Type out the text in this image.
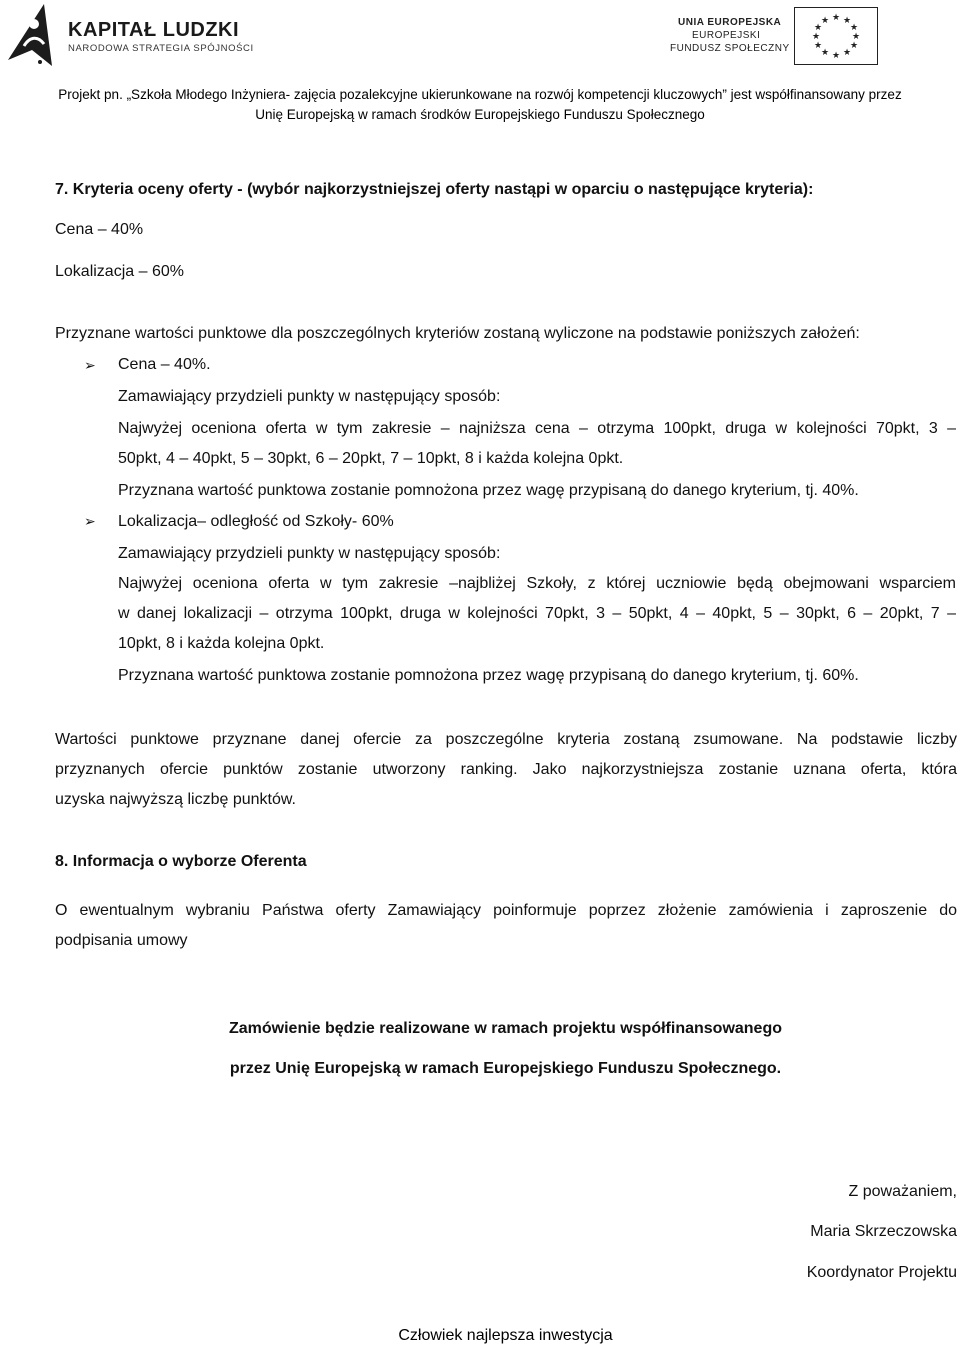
KAPITAŁ LUDZKI
NARODOWA STRATEGIA SPÓJNOŚCI
UNIA EUROPEJSKA
EUROPEJSKI
FUNDUSZ SPOŁECZNY
★ ★
★
★
★
★
★
★
★
★
★
★
Projekt pn. „Szkoła Młodego Inżyniera- zajęcia pozalekcyjne ukierunkowane na rozwój kompetencji kluczowych” jest współfinansowany przez
Unię Europejską w ramach środków Europejskiego Funduszu Społecznego
7. Kryteria oceny oferty - (wybór najkorzystniejszej oferty nastąpi w oparciu o następujące kryteria):
Cena – 40%
Lokalizacja – 60%
Przyznane wartości punktowe dla poszczególnych kryteriów zostaną wyliczone na podstawie poniższych założeń:
➢ Cena – 40%.
Zamawiający przydzieli punkty w następujący sposób:
Najwyżej oceniona oferta w tym zakresie – najniższa cena – otrzyma 100pkt, druga w kolejności 70pkt, 3 –
50pkt, 4 – 40pkt, 5 – 30pkt, 6 – 20pkt, 7 – 10pkt, 8 i każda kolejna 0pkt.
Przyznana wartość punktowa zostanie pomnożona przez wagę przypisaną do danego kryterium, tj. 40%.
➢ Lokalizacja– odległość od Szkoły- 60%
Zamawiający przydzieli punkty w następujący sposób:
Najwyżej oceniona oferta w tym zakresie –najbliżej Szkoły, z której uczniowie będą obejmowani wsparciem
w danej lokalizacji – otrzyma 100pkt, druga w kolejności 70pkt, 3 – 50pkt, 4 – 40pkt, 5 – 30pkt, 6 – 20pkt, 7 –
10pkt, 8 i każda kolejna 0pkt.
Przyznana wartość punktowa zostanie pomnożona przez wagę przypisaną do danego kryterium, tj. 60%.
Wartości punktowe przyznane danej ofercie za poszczególne kryteria zostaną zsumowane. Na podstawie liczby
przyznanych ofercie punktów zostanie utworzony ranking. Jako najkorzystniejsza zostanie uznana oferta, która
uzyska najwyższą liczbę punktów.
8. Informacja o wyborze Oferenta
O ewentualnym wybraniu Państwa oferty Zamawiający poinformuje poprzez złożenie zamówienia i zaproszenie do
podpisania umowy
Zamówienie będzie realizowane w ramach projektu współfinansowanego
przez Unię Europejską w ramach Europejskiego Funduszu Społecznego.
Z poważaniem,
Maria Skrzeczowska
Koordynator Projektu
Człowiek najlepsza inwestycja
